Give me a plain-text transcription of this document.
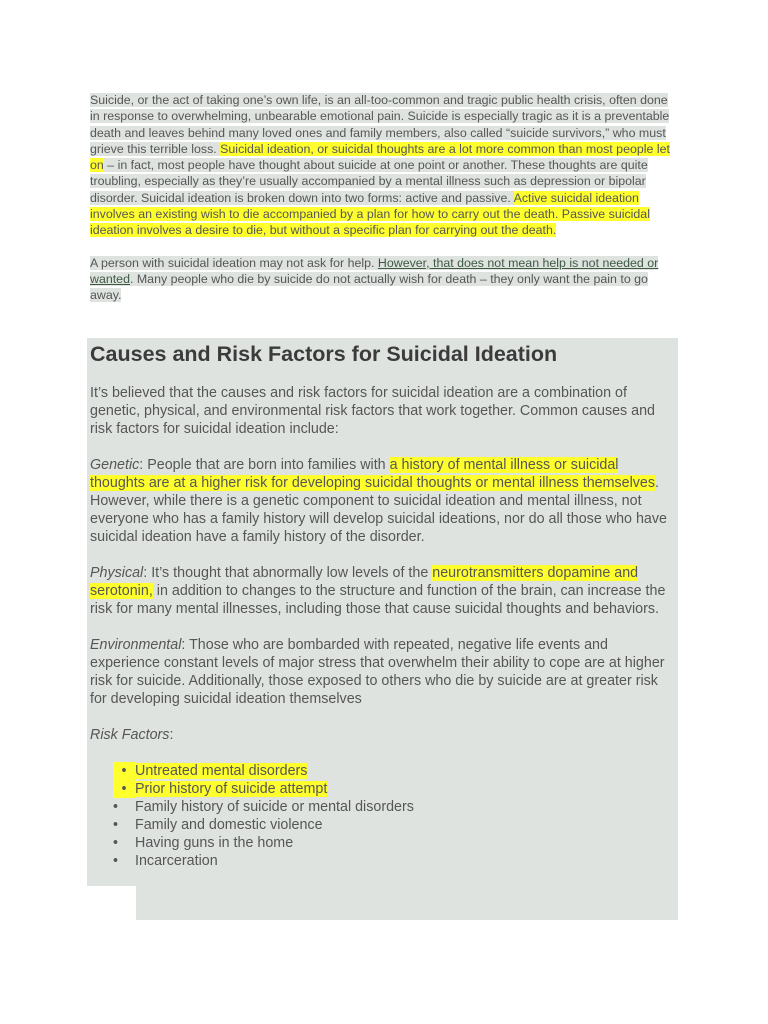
Suicide, or the act of taking one’s own life, is an all-too-common and tragic public health crisis, often done in response to overwhelming, unbearable emotional pain. Suicide is especially tragic as it is a preventable death and leaves behind many loved ones and family members, also called “suicide survivors,” who must grieve this terrible loss. Suicidal ideation, or suicidal thoughts are a lot more common than most people let on – in fact, most people have thought about suicide at one point or another. These thoughts are quite troubling, especially as they’re usually accompanied by a mental illness such as depression or bipolar disorder. Suicidal ideation is broken down into two forms: active and passive. Active suicidal ideation involves an existing wish to die accompanied by a plan for how to carry out the death. Passive suicidal ideation involves a desire to die, but without a specific plan for carrying out the death.

A person with suicidal ideation may not ask for help. However, that does not mean help is not needed or wanted. Many people who die by suicide do not actually wish for death – they only want the pain to go away.

Causes and Risk Factors for Suicidal Ideation

It’s believed that the causes and risk factors for suicidal ideation are a combination of genetic, physical, and environmental risk factors that work together. Common causes and risk factors for suicidal ideation include:

Genetic: People that are born into families with a history of mental illness or suicidal thoughts are at a higher risk for developing suicidal thoughts or mental illness themselves. However, while there is a genetic component to suicidal ideation and mental illness, not everyone who has a family history will develop suicidal ideations, nor do all those who have suicidal ideation have a family history of the disorder.

Physical: It’s thought that abnormally low levels of the neurotransmitters dopamine and serotonin, in addition to changes to the structure and function of the brain, can increase the risk for many mental illnesses, including those that cause suicidal thoughts and behaviors.

Environmental: Those who are bombarded with repeated, negative life events and experience constant levels of major stress that overwhelm their ability to cope are at higher risk for suicide. Additionally, those exposed to others who die by suicide are at greater risk for developing suicidal ideation themselves

Risk Factors:

• Untreated mental disorders
• Prior history of suicide attempt
• Family history of suicide or mental disorders
• Family and domestic violence
• Having guns in the home
• Incarceration
